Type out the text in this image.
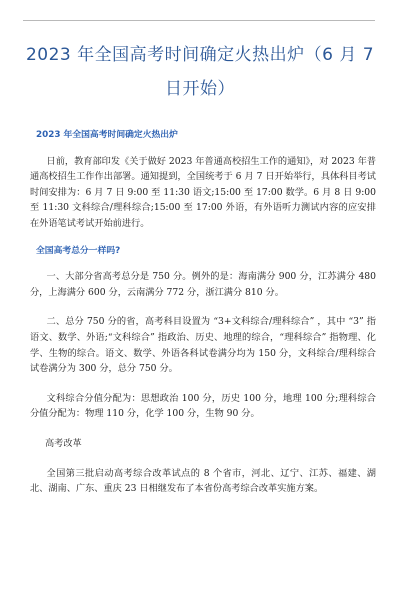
2023 年全国高考时间确定火热出炉（6 月 7 日开始）
2023 年全国高考时间确定火热出炉
日前，教育部印发《关于做好 2023 年普通高校招生工作的通知》，对 2023 年普通高校招生工作作出部署。通知提到，全国统考于 6 月 7 日开始举行，具体科目考试时间安排为：6 月 7 日 9:00 至 11:30 语文;15:00 至 17:00 数学。6 月 8 日 9:00 至 11:30 文科综合/理科综合;15:00 至 17:00 外语，有外语听力测试内容的应安排在外语笔试考试开始前进行。
全国高考总分一样吗?
一、大部分省高考总分是 750 分。例外的是：海南满分 900 分，江苏满分 480 分，上海满分 600 分，云南满分 772 分，浙江满分 810 分。
二、总分 750 分的省，高考科目设置为 “3+文科综合/理科综合” ，其中 “3” 指语文、数学、外语;“文科综合” 指政治、历史、地理的综合，“理科综合” 指物理、化学、生物的综合。语文、数学、外语各科试卷满分均为 150 分，文科综合/理科综合试卷满分为 300 分，总分 750 分。
文科综合分值分配为：思想政治 100 分，历史 100 分，地理 100 分;理科综合分值分配为：物理 110 分，化学 100 分，生物 90 分。
高考改革
全国第三批启动高考综合改革试点的 8 个省市，河北、辽宁、江苏、福建、湖北、湖南、广东、重庆 23 日相继发布了本省份高考综合改革实施方案。
